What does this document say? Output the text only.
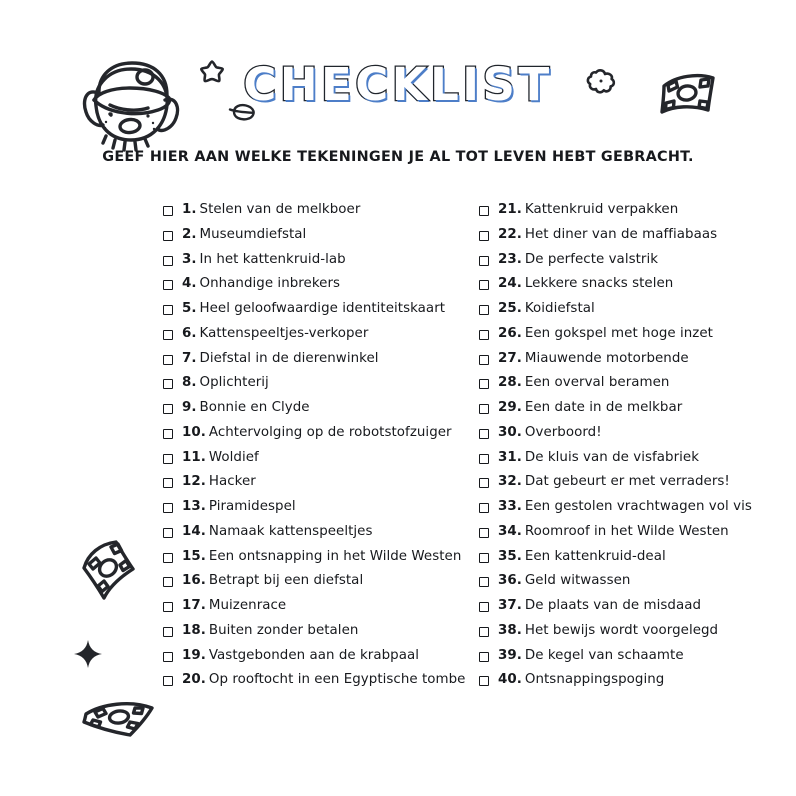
CHECKLIST
GEEF HIER AAN WELKE TEKENINGEN JE AL TOT LEVEN HEBT GEBRACHT.
1. Stelen van de melkboer
2. Museumdiefstal
3. In het kattenkruid-lab
4. Onhandige inbrekers
5. Heel geloofwaardige identiteitskaart
6. Kattenspeeltjes-verkoper
7. Diefstal in de dierenwinkel
8. Oplichterij
9. Bonnie en Clyde
10. Achtervolging op de robotstofzuiger
11. Woldief
12. Hacker
13. Piramidespel
14. Namaak kattenspeeltjes
15. Een ontsnapping in het Wilde Westen
16. Betrapt bij een diefstal
17. Muizenrace
18. Buiten zonder betalen
19. Vastgebonden aan de krabpaal
20. Op rooftocht in een Egyptische tombe
21. Kattenkruid verpakken
22. Het diner van de maffiabaas
23. De perfecte valstrik
24. Lekkere snacks stelen
25. Koidiefstal
26. Een gokspel met hoge inzet
27. Miauwende motorbende
28. Een overval beramen
29. Een date in de melkbar
30. Overboord!
31. De kluis van de visfabriek
32. Dat gebeurt er met verraders!
33. Een gestolen vrachtwagen vol vis
34. Roomroof in het Wilde Westen
35. Een kattenkruid-deal
36. Geld witwassen
37. De plaats van de misdaad
38. Het bewijs wordt voorgelegd
39. De kegel van schaamte
40. Ontsnappingspoging
